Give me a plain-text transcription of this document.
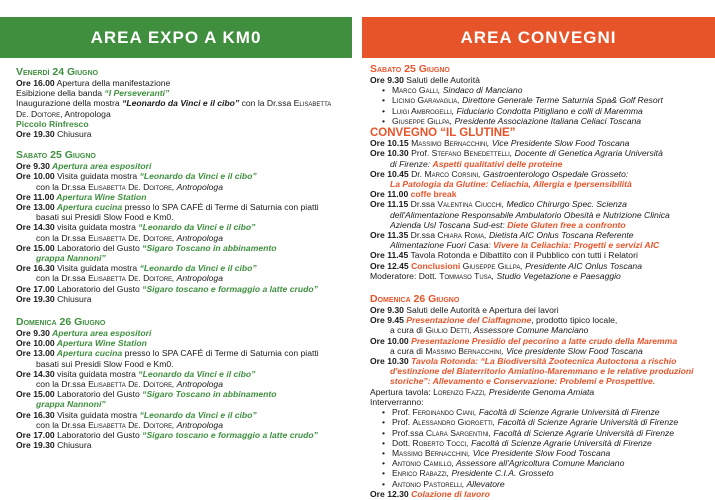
AREA EXPO A KM0
Venerdì 24 Giugno
Ore 16.00 Apertura della manifestazione
Esibizione della banda “I Perseveranti”
Inaugurazione della mostra “Leonardo da Vinci e il cibo” con la Dr.ssa Elisabetta
De. Doitore, Antropologa
Piccolo Rinfresco
Ore 19.30 Chiusura
Sabato 25 Giugno
Ore 9.30 Apertura area espositori
Ore 10.00 Visita guidata mostra “Leonardo da Vinci e il cibo”
con la Dr.ssa Elisabetta De. Doitore, Antropologa
Ore 11.00 Apertura Wine Station
Ore 13.00 Apertura cucina presso lo SPA CAFÉ di Terme di Saturnia con piatti
basati sui Presidi Slow Food e Km0.
Ore 14.30 visita guidata mostra “Leonardo da Vinci e il cibo”
con la Dr.ssa Elisabetta De. Doitore, Antropologa
Ore 15.00 Laboratorio del Gusto “Sigaro Toscano in abbinamento
grappa Nannoni”
Ore 16.30 Visita guidata mostra “Leonardo da Vinci e il cibo”
con la Dr.ssa Elisabetta De. Doitore, Antropologa
Ore 17.00 Laboratorio del Gusto “Sigaro toscano e formaggio a latte crudo”
Ore 19.30 Chiusura
Domenica 26 Giugno
Ore 9.30 Apertura area espositori
Ore 10.00 Apertura Wine Station
Ore 13.00 Apertura cucina presso lo SPA CAFÉ di Terme di Saturnia con piatti
basati sui Presidi Slow Food e Km0.
Ore 14.30 visita guidata mostra “Leonardo da Vinci e il cibo”
con la Dr.ssa Elisabetta De. Doitore, Antropologa
Ore 15.00 Laboratorio del Gusto “Sigaro Toscano in abbinamento
grappa Nannoni”
Ore 16.30 Visita guidata mostra “Leonardo da Vinci e il cibo”
con la Dr.ssa Elisabetta De. Doitore, Antropologa
Ore 17.00 Laboratorio del Gusto “Sigaro toscano e formaggio a latte crudo”
Ore 19.30 Chiusura
AREA CONVEGNI
Sabato 25 Giugno
Ore 9.30 Saluti delle Autorità
• Marco Galli, Sindaco di Manciano
• Licinio Garavaglia, Direttore Generale Terme Saturnia Spa& Golf Resort
• Luigi Ambrogelli, Fiduciario Condotta Pitigliano e colli di Maremma
• Giuseppe Gillpa, Presidente Associazione Italiana Celiaci Toscana
CONVEGNO “IL GLUTINE”
Ore 10.15 Massimo Bernacchini, Vice Presidente Slow Food Toscana
Ore 10.30 Prof. Stefano Benedettelli, Docente di Genetica Agraria Università
di Firenze: Aspetti qualitativi delle proteine
Ore 10.45 Dr. Marco Corsini, Gastroenterologo Ospedale Grosseto:
La Patologia da Glutine: Celiachia, Allergia e Ipersensibilità
Ore 11.00 coffe break
Ore 11.15 Dr.ssa Valentina Ciucchi, Medico Chirurgo Spec. Scienza
dell'Alimentazione Responsabile Ambulatorio Obesità e Nutrizione Clinica
Azienda Usl Toscana Sud-est: Diete Gluten free a confronto
Ore 11.35 Dr.ssa Chiara Roma, Dietista AIC Onlus Toscana Referente
Alimentazione Fuori Casa: Vivere la Celiachia: Progetti e servizi AIC
Ore 11.45 Tavola Rotonda e Dibattito con il Pubblico con tutti i Relatori
Ore 12.45 Conclusioni Giuseppe Gillpa, Presidente AIC Onlus Toscana
Moderatore: Dott. Tommaso Tusa, Studio Vegetazione e Paesaggio
Domenica 26 Giugno
Ore 9.30 Saluti delle Autorità e Apertura dei lavori
Ore 9.45 Presentazione del Ciaffagnone, prodotto tipico locale,
a cura di Giulio Detti, Assessore Comune Manciano
Ore 10.00 Presentazione Presidio del pecorino a latte crudo della Maremma
a cura di Massimo Bernacchini, Vice presidente Slow Food Toscana
Ore 10.30 Tavola Rotonda: “La Biodiversità Zootecnica Autoctona a rischio
d'estinzione del Biaterritorio Amiatino-Maremmano e le relative produzioni
storiche”: Allevamento e Conservazione: Problemi e Prospettive.
Apertura tavola: Lorenzo Fazzi, Presidente Genoma Amiata
Interverranno:
• Prof. Ferdinando Ciani, Facoltà di Scienze Agrarie Università di Firenze
• Prof. Alessandro Giorgetti, Facoltà di Scienze Agrarie Università di Firenze
• Prof.ssa Clara Sargentini, Facoltà di Scienze Agrarie Università di Firenze
• Dott. Roberto Tocci, Facoltà di Scienze Agrarie Università di Firenze
• Massimo Bernacchini, Vice Presidente Slow Food Toscana
• Antonio Camillo, Assessore all'Agricoltura Comune Manciano
• Enrico Rabazzi, Presidente C.I.A. Grosseto
• Antonio Pastorelli, Allevatore
Ore 12.30 Colazione di lavoro
